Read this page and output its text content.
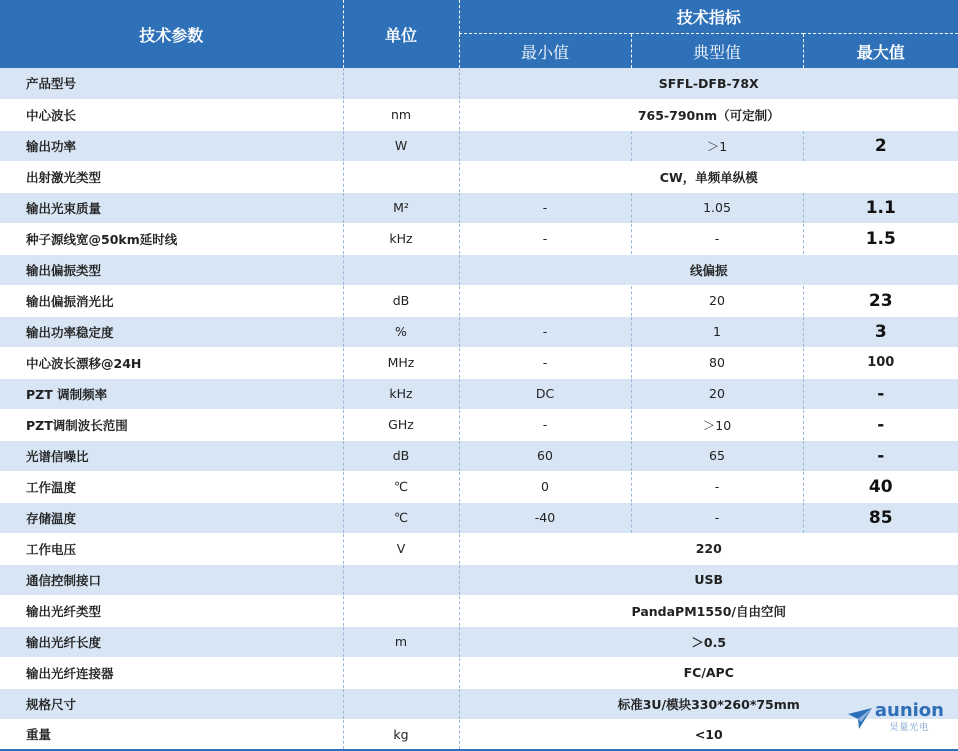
技术参数	单位	技术指标		
		最小值	典型值	最大值
产品型号		SFFL-DFB-78X		
中心波长	nm	765-790nm（可定制）		
输出功率	W		＞1	2
出射激光类型		CW，单频单纵模		
输出光束质量	M²	-	1.05	1.1
种子源线宽@50km延时线	kHz	-	-	1.5
输出偏振类型		线偏振		
输出偏振消光比	dB		20	23
输出功率稳定度	%	-	1	3
中心波长漂移@24H	MHz	-	80	100
PZT 调制频率	kHz	DC	20	-
PZT调制波长范围	GHz	-	＞10	-
光谱信噪比	dB	60	65	-
工作温度	℃	0	-	40
存储温度	℃	-40	-	85
工作电压	V	220		
通信控制接口		USB		
输出光纤类型		PandaPM1550/自由空间		
输出光纤长度	m	＞0.5		
输出光纤连接器		FC/APC		
规格尺寸		标准3U/模块330*260*75mm		
重量	kg	<10		
aunion
昊量光电
